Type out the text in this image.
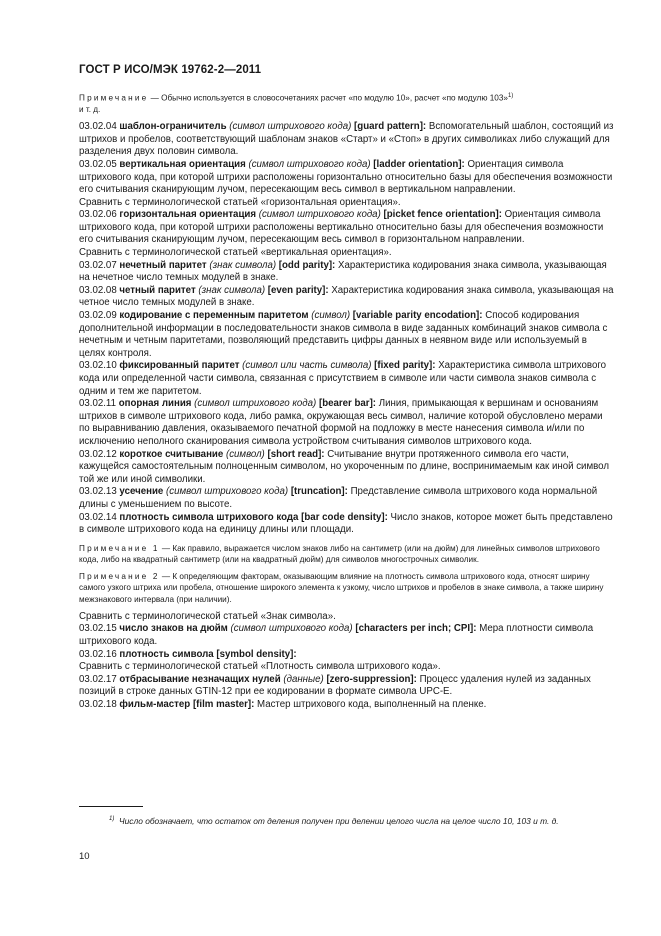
ГОСТ Р ИСО/МЭК 19762-2—2011

Примечание — Обычно используется в словосочетаниях расчет «по модулю 10», расчет «по модулю 103»$^{1)}$
и т. д.

03.02.04 шаблон-ограничитель (символ штрихового кода) [guard pattern]: Вспомогательный шаблон, состоящий из штрихов и пробелов, соответствующий шаблонам знаков «Старт» и «Стоп» в других символиках либо служащий для разделения двух половин символа.

03.02.05 вертикальная ориентация (символ штрихового кода) [ladder orientation]: Ориентация символа штрихового кода, при которой штрихи расположены горизонтально относительно базы для обеспечения возможности его считывания сканирующим лучом, пересекающим весь символ в вертикальном направлении.

Сравнить с терминологической статьей «горизонтальная ориентация».

03.02.06 горизонтальная ориентация (символ штрихового кода) [picket fence orientation]: Ориентация символа штрихового кода, при которой штрихи расположены вертикально относительно базы для обеспечения возможности его считывания сканирующим лучом, пересекающим весь символ в горизонтальном направлении.

Сравнить с терминологической статьей «вертикальная ориентация».

03.02.07 нечетный паритет (знак символа) [odd parity]: Характеристика кодирования знака символа, указывающая на нечетное число темных модулей в знаке.

03.02.08 четный паритет (знак символа) [even parity]: Характеристика кодирования знака символа, указывающая на четное число темных модулей в знаке.

03.02.09 кодирование с переменным паритетом (символ) [variable parity encodation]: Способ кодирования дополнительной информации в последовательности знаков символа в виде заданных комбинаций знаков символа с нечетным и четным паритетами, позволяющий представить цифры данных в неявном виде или используемый в целях контроля.

03.02.10 фиксированный паритет (символ или часть символа) [fixed parity]: Характеристика символа штрихового кода или определенной части символа, связанная с присутствием в символе или части символа знаков символа с одним и тем же паритетом.

03.02.11 опорная линия (символ штрихового кода) [bearer bar]: Линия, примыкающая к вершинам и основаниям штрихов в символе штрихового кода, либо рамка, окружающая весь символ, наличие которой обусловлено мерами по выравниванию давления, оказываемого печатной формой на подложку в месте нанесения символа и/или по исключению неполного сканирования символа устройством считывания символов штрихового кода.

03.02.12 короткое считывание (символ) [short read]: Считывание внутри протяженного символа его части, кажущейся самостоятельным полноценным символом, но укороченным по длине, воспринимаемым как иной символ той же или иной символики.

03.02.13 усечение (символ штрихового кода) [truncation]: Представление символа штрихового кода нормальной длины с уменьшением по высоте.

03.02.14 плотность символа штрихового кода [bar code density]: Число знаков, которое может быть представлено в символе штрихового кода на единицу длины или площади.

Примечание 1 — Как правило, выражается числом знаков либо на сантиметр (или на дюйм) для линейных символов штрихового кода, либо на квадратный сантиметр (или на квадратный дюйм) для символов многострочных символик.

Примечание 2 — К определяющим факторам, оказывающим влияние на плотность символа штрихового кода, относят ширину самого узкого штриха или пробела, отношение широкого элемента к узкому, число штрихов и пробелов в знаке символа, а также ширину межзнакового интервала (при наличии).

Сравнить с терминологической статьей «Знак символа».

03.02.15 число знаков на дюйм (символ штрихового кода) [characters per inch; CPI]: Мера плотности символа штрихового кода.

03.02.16 плотность символа [symbol density]:

Сравнить с терминологической статьей «Плотность символа штрихового кода».

03.02.17 отбрасывание незначащих нулей (данные) [zero-suppression]: Процесс удаления нулей из заданных позиций в строке данных GTIN-12 при ее кодировании в формате символа UPC-E.

03.02.18 фильм-мастер [film master]: Мастер штрихового кода, выполненный на пленке.

$^{1)}$ Число обозначает, что остаток от деления получен при делении целого числа на целое число 10, 103 и т. д.
10
